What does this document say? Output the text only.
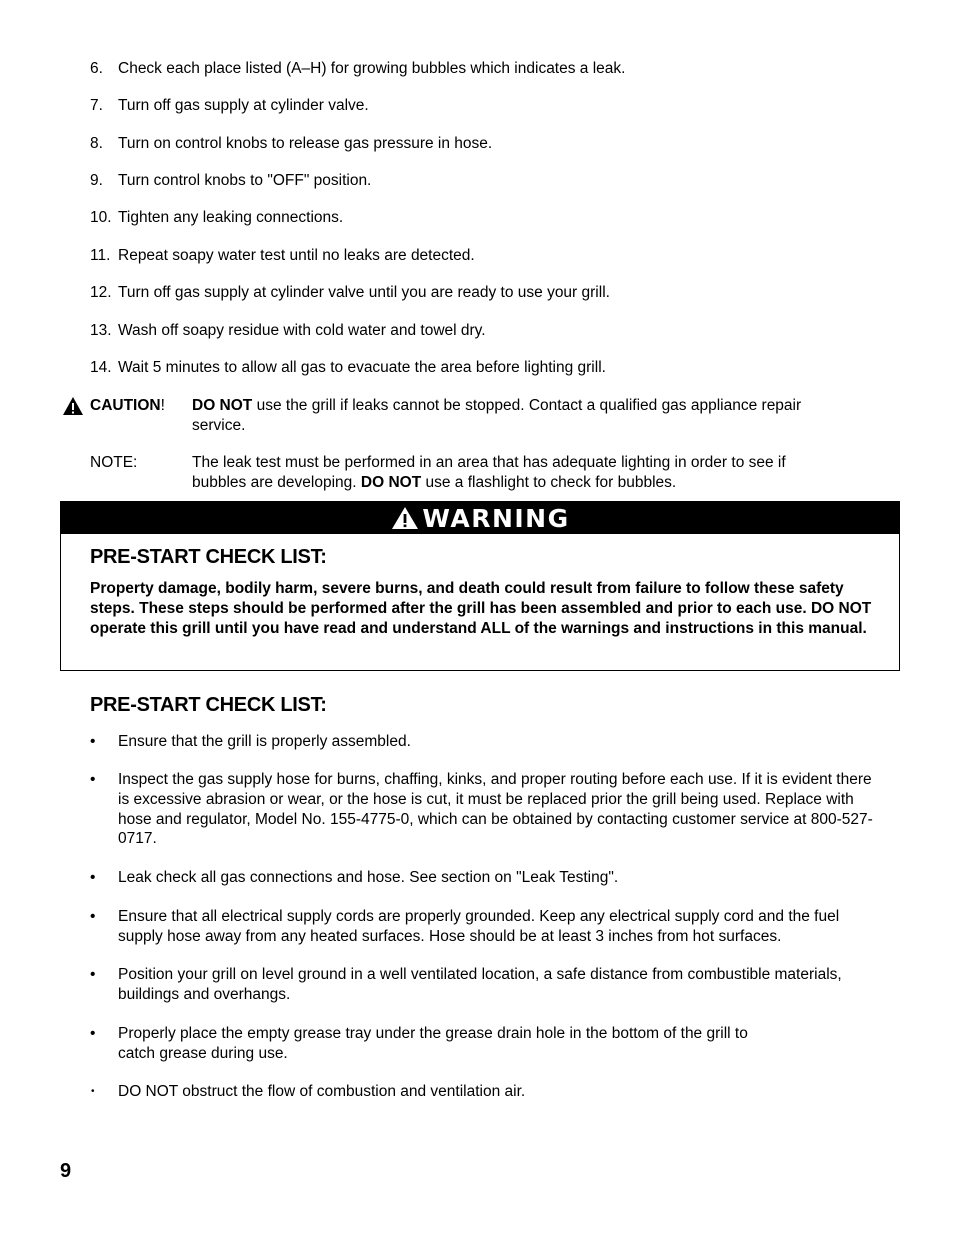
6. Check each place listed (A–H) for growing bubbles which indicates a leak.
7. Turn off gas supply at cylinder valve.
8. Turn on control knobs to release gas pressure in hose.
9. Turn control knobs to "OFF" position.
10. Tighten any leaking connections.
11. Repeat soapy water test until no leaks are detected.
12. Turn off gas supply at cylinder valve until you are ready to use your grill.
13. Wash off soapy residue with cold water and towel dry.
14. Wait 5 minutes to allow all gas to evacuate the area before lighting grill.
CAUTION! DO NOT use the grill if leaks cannot be stopped. Contact a qualified gas appliance repair service.
NOTE:	The leak test must be performed in an area that has adequate lighting in order to see if bubbles are developing. DO NOT use a flashlight to check for bubbles.
WARNING
PRE-START CHECK LIST:
Property damage, bodily harm, severe burns, and death could result from failure to follow these safety steps. These steps should be performed after the grill has been assembled and prior to each use. DO NOT operate this grill until you have read and understand ALL of the warnings and instructions in this manual.
PRE-START CHECK LIST:
• Ensure that the grill is properly assembled.
• Inspect the gas supply hose for burns, chaffing, kinks, and proper routing before each use. If it is evident there is excessive abrasion or wear, or the hose is cut, it must be replaced prior the grill being used. Replace with hose and regulator, Model No. 155-4775-0, which can be obtained by contacting customer service at 800-527-0717.
• Leak check all gas connections and hose. See section on "Leak Testing".
• Ensure that all electrical supply cords are properly grounded. Keep any electrical supply cord and the fuel supply hose away from any heated surfaces. Hose should be at least 3 inches from hot surfaces.
• Position your grill on level ground in a well ventilated location, a safe distance from combustible materials, buildings and overhangs.
• Properly place the empty grease tray under the grease drain hole in the bottom of the grill to catch grease during use.
• DO NOT obstruct the flow of combustion and ventilation air.
9
